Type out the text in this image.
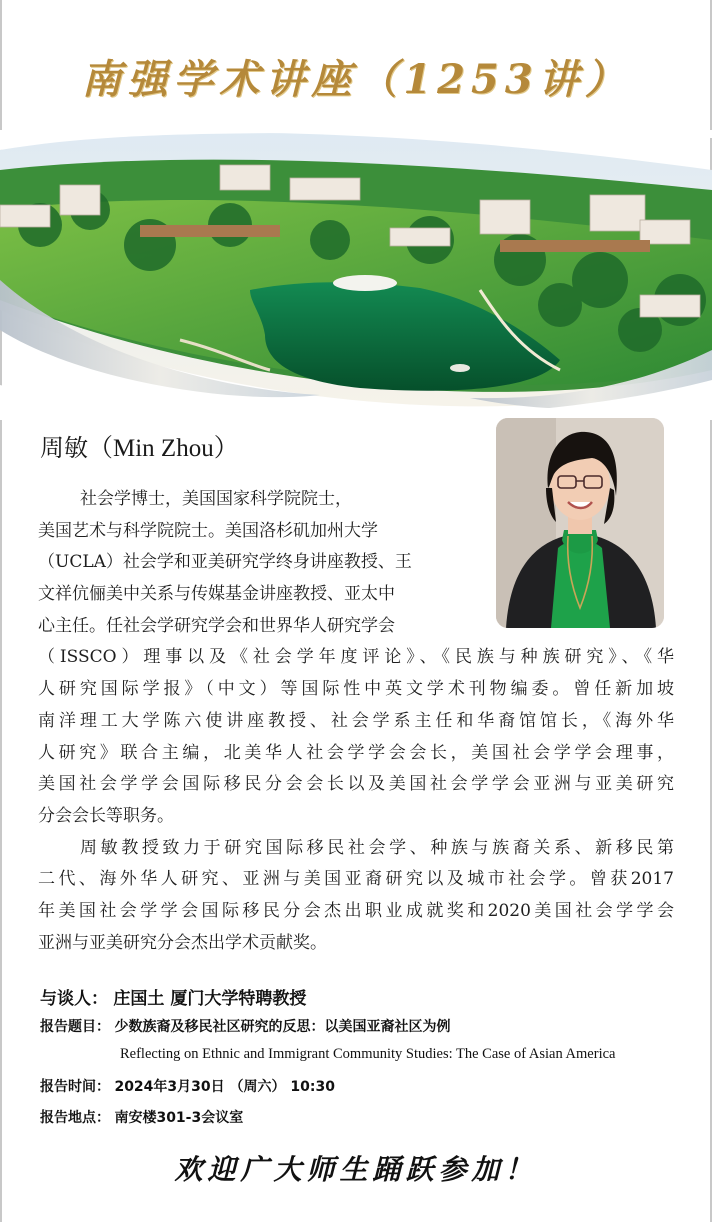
南强学术讲座（1253讲）
周敏（Min Zhou）
社会学博士，美国国家科学院院士，
美国艺术与科学院院士。美国洛杉矶加州大学
（UCLA）社会学和亚美研究学终身讲座教授、王
文祥伉俪美中关系与传媒基金讲座教授、亚太中
心主任。任社会学研究学会和世界华人研究学会
（ISSCO）理事以及《社会学年度评论》、《民族与种族研究》、《华
人研究国际学报》（中文）等国际性中英文学术刊物编委。曾任新加坡
南洋理工大学陈六使讲座教授、社会学系主任和华裔馆馆长，《海外华
人研究》联合主编，北美华人社会学学会会长，美国社会学学会理事，
美国社会学学会国际移民分会会长以及美国社会学学会亚洲与亚美研究
分会会长等职务。
周敏教授致力于研究国际移民社会学、种族与族裔关系、新移民第
二代、海外华人研究、亚洲与美国亚裔研究以及城市社会学。曾获2017
年美国社会学学会国际移民分会杰出职业成就奖和2020美国社会学学会
亚洲与亚美研究分会杰出学术贡献奖。
与谈人： 庄国土 厦门大学特聘教授
报告题目： 少数族裔及移民社区研究的反思：以美国亚裔社区为例
Reflecting on Ethnic and Immigrant Community Studies: The Case of Asian America
报告时间： 2024年3月30日 （周六） 10:30
报告地点： 南安楼301-3会议室
欢迎广大师生踊跃参加！
